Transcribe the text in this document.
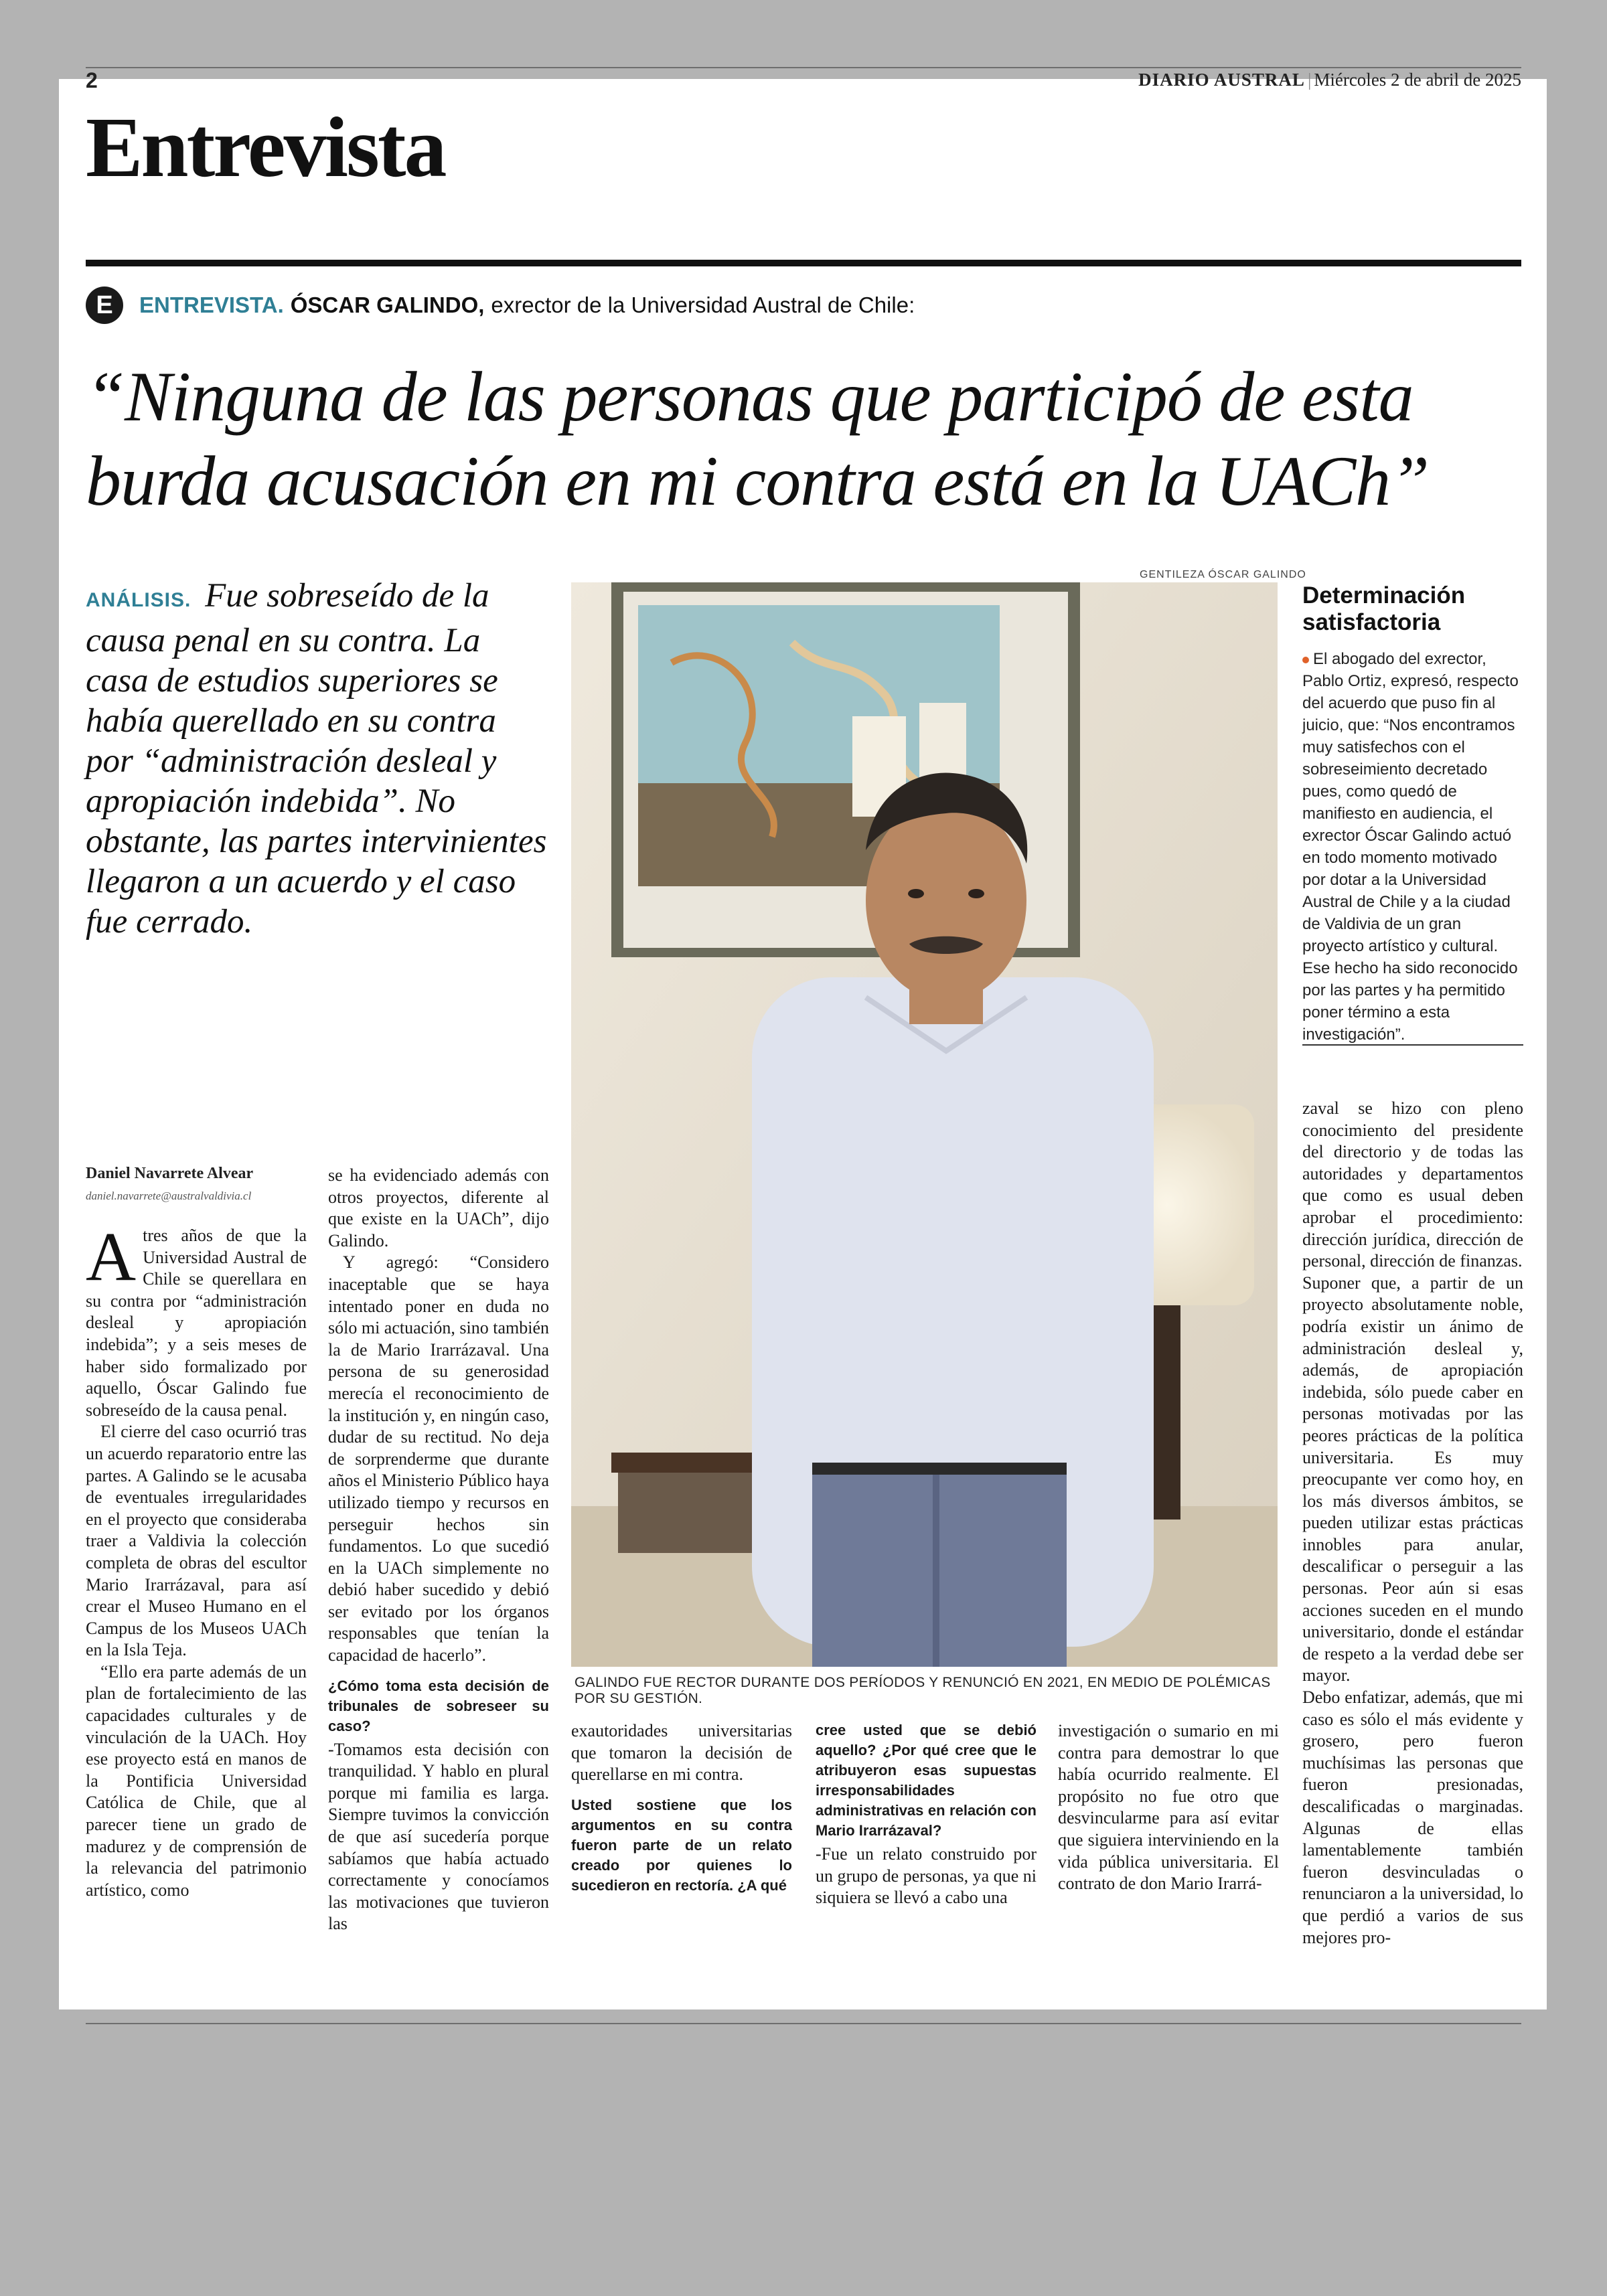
2	DIARIO AUSTRAL | Miércoles 2 de abril de 2025
Entrevista
E	ENTREVISTA. ÓSCAR GALINDO, exrector de la Universidad Austral de Chile:
“Ninguna de las personas que participó de esta
burda acusación en mi contra está en la UACh”
ANÁLISIS. Fue sobreseído de la causa penal en su contra. La casa de estudios superiores se había querellado en su contra por “administración desleal y apropiación indebida”. No obstante, las partes intervinientes llegaron a un acuerdo y el caso fue cerrado.
GENTILEZA ÓSCAR GALINDO
GALINDO FUE RECTOR DURANTE DOS PERÍODOS Y RENUNCIÓ EN 2021, EN MEDIO DE POLÉMICAS POR SU GESTIÓN.
Determinación satisfactoria
El abogado del exrector, Pablo Ortiz, expresó, respecto del acuerdo que puso fin al juicio, que: “Nos encontramos muy satisfechos con el sobreseimiento decretado pues, como quedó de manifiesto en audiencia, el exrector Óscar Galindo actuó en todo momento motivado por dotar a la Universidad Austral de Chile y a la ciudad de Valdivia de un gran proyecto artístico y cultural. Ese hecho ha sido reconocido por las partes y ha permitido poner término a esta investigación”.
Daniel Navarrete Alvear
daniel.navarrete@australvaldivia.cl

Atres años de que la Universidad Austral de Chile se querellara en su contra por “administración desleal y apropiación indebida”; y a seis meses de haber sido formalizado por aquello, Óscar Galindo fue sobreseído de la causa penal.

El cierre del caso ocurrió tras un acuerdo reparatorio entre las partes. A Galindo se le acusaba de eventuales irregularidades en el proyecto que consideraba traer a Valdivia la colección completa de obras del escultor Mario Irarrázaval, para así crear el Museo Humano en el Campus de los Museos UACh en la Isla Teja.

“Ello era parte además de un plan de fortalecimiento de las capacidades culturales y de vinculación de la UACh. Hoy ese proyecto está en manos de la Pontificia Universidad Católica de Chile, que al parecer tiene un grado de madurez y de comprensión de la relevancia del patrimonio artístico, como

se ha evidenciado además con otros proyectos, diferente al que existe en la UACh”, dijo Galindo.

Y agregó: “Considero inaceptable que se haya intentado poner en duda no sólo mi actuación, sino también la de Mario Irarrázaval. Una persona de su generosidad merecía el reconocimiento de la institución y, en ningún caso, dudar de su rectitud. No deja de sorprenderme que durante años el Ministerio Público haya utilizado tiempo y recursos en perseguir hechos sin fundamentos. Lo que sucedió en la UACh simplemente no debió haber sucedido y debió ser evitado por los órganos responsables que tenían la capacidad de hacerlo”.

¿Cómo toma esta decisión de tribunales de sobreseer su caso?

-Tomamos esta decisión con tranquilidad. Y hablo en plural porque mi familia es larga. Siempre tuvimos la convicción de que así sucedería porque sabíamos que había actuado correctamente y conocíamos las motivaciones que tuvieron las

exautoridades universitarias que tomaron la decisión de querellarse en mi contra.

Usted sostiene que los argumentos en su contra fueron parte de un relato creado por quienes lo sucedieron en rectoría. ¿A qué

cree usted que se debió aquello? ¿Por qué cree que le atribuyeron esas supuestas irresponsabilidades administrativas en relación con Mario Irarrázaval?

-Fue un relato construido por un grupo de personas, ya que ni siquiera se llevó a cabo una

investigación o sumario en mi contra para demostrar lo que había ocurrido realmente. El propósito no fue otro que desvincularme para así evitar que siguiera interviniendo en la vida pública universitaria. El contrato de don Mario Irarrá-

zaval se hizo con pleno conocimiento del presidente del directorio y de todas las autoridades y departamentos que como es usual deben aprobar el procedimiento: dirección jurídica, dirección de personal, dirección de finanzas.

Suponer que, a partir de un proyecto absolutamente noble, podría existir un ánimo de administración desleal y, además, de apropiación indebida, sólo puede caber en personas motivadas por las peores prácticas de la política universitaria. Es muy preocupante ver como hoy, en los más diversos ámbitos, se pueden utilizar estas prácticas innobles para anular, descalificar o perseguir a las personas. Peor aún si esas acciones suceden en el mundo universitario, donde el estándar de respeto a la verdad debe ser mayor.

Debo enfatizar, además, que mi caso es sólo el más evidente y grosero, pero fueron muchísimas las personas que fueron presionadas, descalificadas o marginadas. Algunas de ellas lamentablemente también fueron desvinculadas o renunciaron a la universidad, lo que perdió a varios de sus mejores pro-
